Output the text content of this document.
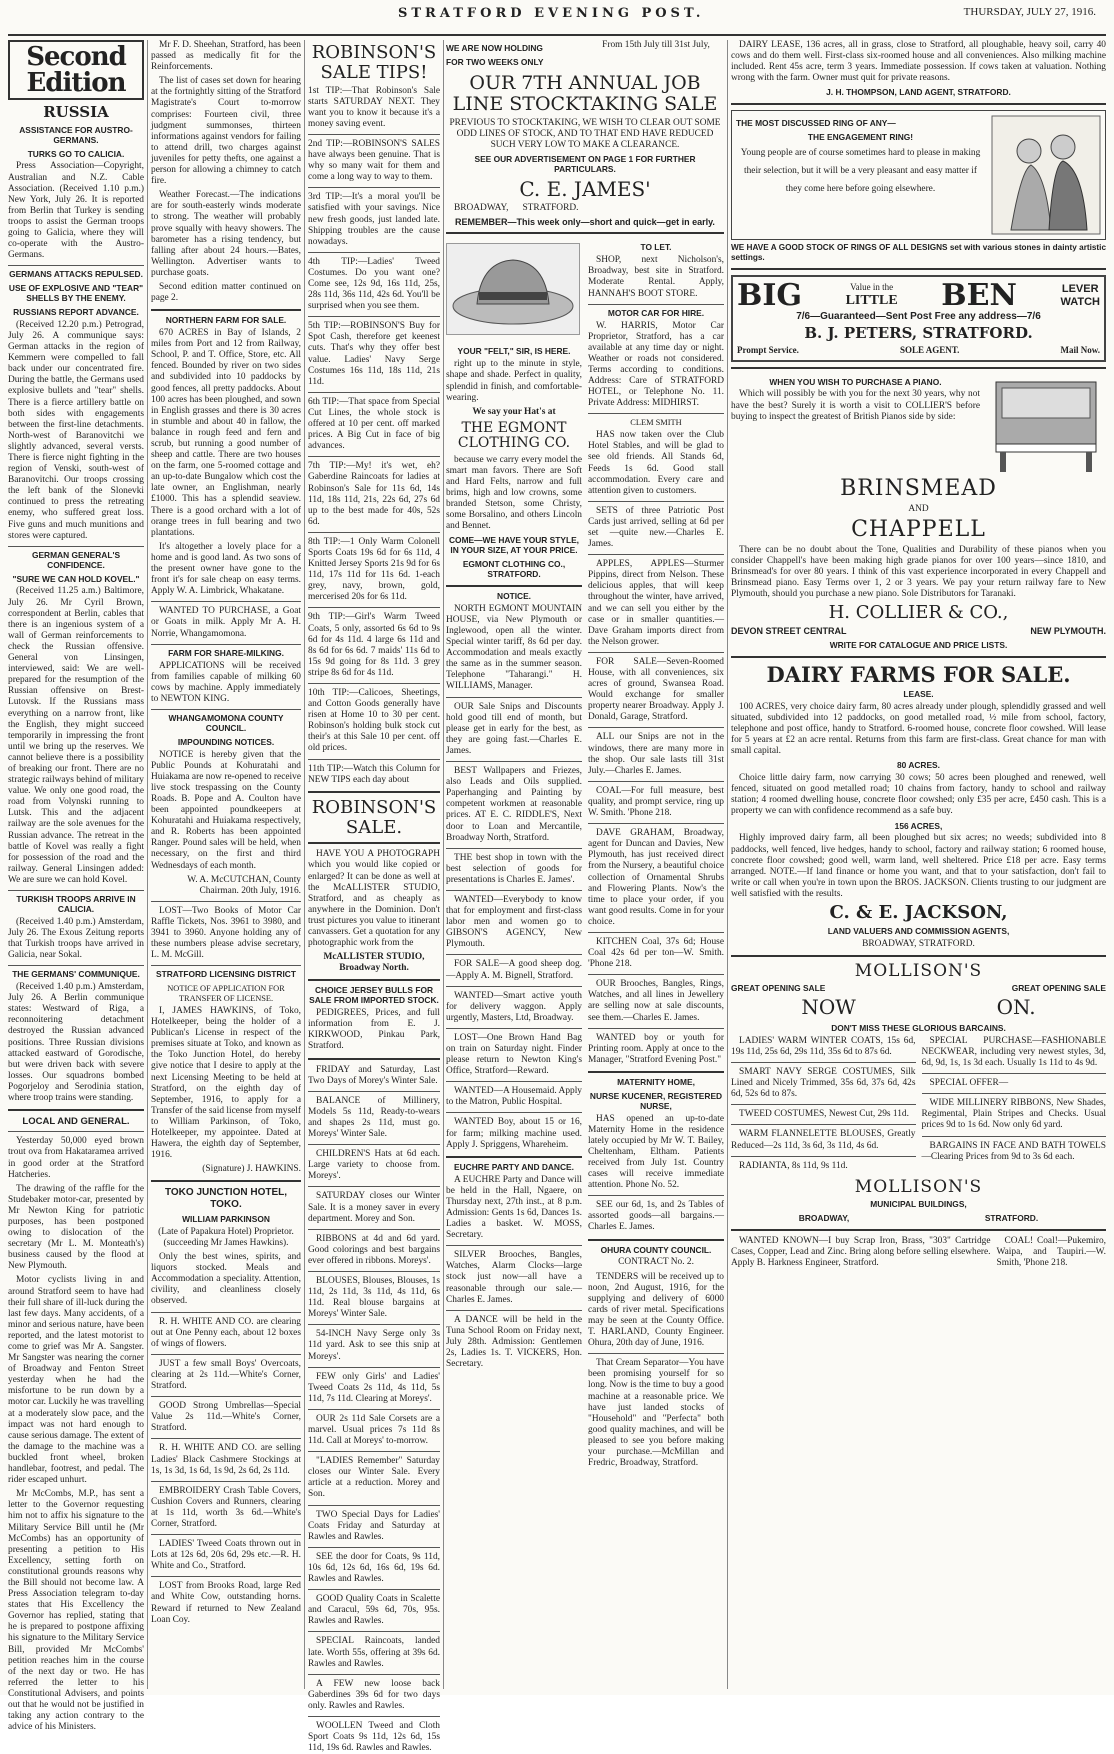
STRATFORD EVENING POST.	THURSDAY, JULY 27, 1916.
Second Edition
RUSSIA
ASSISTANCE FOR AUSTRO-GERMANS.
TURKS GO TO CALICIA.

Press Association—Copyright, Australian and N.Z. Cable Association. (Received 1.10 p.m.) New York, July 26. It is reported from Berlin that Turkey is sending troops to assist the German troops going to Galicia, where they will co-operate with the Austro-Germans.

GERMANS ATTACKS REPULSED.
USE OF EXPLOSIVE AND "TEAR" SHELLS BY THE ENEMY.
RUSSIANS REPORT ADVANCE.

(Received 12.20 p.m.) Petrograd, July 26. A communique says: German attacks in the region of Kemmern were compelled to fall back under our concentrated fire. During the battle, the Germans used explosive bullets and "tear" shells. There is a fierce artillery battle on both sides with engagements between the first-line detachments. North-west of Baranovitchi we slightly advanced, several versts. There is fierce night fighting in the region of Venski, south-west of Baranovitchi. Our troops crossing the left bank of the Slonevki continued to press the retreating enemy, who suffered great loss. Five guns and much munitions and stores were captured.

GERMAN GENERAL'S CONFIDENCE.
"SURE WE CAN HOLD KOVEL."

(Received 11.25 a.m.) Baltimore, July 26. Mr Cyril Brown, correspondent at Berlin, cables that there is an ingenious system of a wall of German reinforcements to check the Russian offensive. General von Linsingen, interviewed, said: We are well-prepared for the resumption of the Russian offensive on Brest-Lutovsk. If the Russians mass everything on a narrow front, like the English, they might succeed temporarily in impressing the front until we bring up the reserves. We cannot believe there is a possibility of breaking our front. There are no strategic railways behind of military value. We only one good road, the road from Volynski running to Lutsk. This and the adjacent railway are the sole avenues for the Russian advance. The retreat in the battle of Kovel was really a fight for possession of the road and the railway. General Linsingen added: We are sure we can hold Kovel.

TURKISH TROOPS ARRIVE IN CALICIA.

(Received 1.40 p.m.) Amsterdam, July 26. The Exous Zeitung reports that Turkish troops have arrived in Galicia, near Sokal.

THE GERMANS' COMMUNIQUE.

(Received 1.40 p.m.) Amsterdam, July 26. A Berlin communique states: Westward of Riga, a reconnoitering detachment destroyed the Russian advanced positions. Three Russian divisions attacked eastward of Gorodische, but were driven back with severe losses. Our squadrons bombed Pogorjeloy and Serodinia station, where troop trains were standing.

LOCAL AND GENERAL.

Yesterday 50,000 eyed brown trout ova from Hakataramea arrived in good order at the Stratford Hatcheries.

The drawing of the raffle for the Studebaker motor-car, presented by Mr Newton King for patriotic purposes, has been postponed owing to dislocation of the secretary (Mr L. M. Monteath's) business caused by the flood at New Plymouth.

Motor cyclists living in and around Stratford seem to have had their full share of ill-luck during the last few days. Many accidents, of a minor and serious nature, have been reported, and the latest motorist to come to grief was Mr A. Sangster. Mr Sangster was nearing the corner of Broadway and Fenton Street yesterday when he had the misfortune to be run down by a motor car. Luckily he was travelling at a moderately slow pace, and the impact was not hard enough to cause serious damage. The extent of the damage to the machine was a buckled front wheel, broken handlebar, footrest, and pedal. The rider escaped unhurt.

Mr McCombs, M.P., has sent a letter to the Governor requesting him not to affix his signature to the Military Service Bill until he (Mr McCombs) has an opportunity of presenting a petition to His Excellency, setting forth on constitutional grounds reasons why the Bill should not become law. A Press Association telegram to-day states that His Excellency the Governor has replied, stating that he is prepared to postpone affixing his signature to the Military Service Bill, provided Mr McCombs' petition reaches him in the course of the next day or two. He has referred the letter to his Constitutional Advisers, and points out that he would not be justified in taking any action contrary to the advice of his Ministers.

Mr F. D. Sheehan, Stratford, has been passed as medically fit for the Reinforcements.

The list of cases set down for hearing at the fortnightly sitting of the Stratford Magistrate's Court to-morrow comprises: Fourteen civil, three judgment summonses, thirteen informations against vendors for failing to attend drill, two charges against juveniles for petty thefts, one against a person for allowing a chimney to catch fire.

Weather Forecast.—The indications are for south-easterly winds moderate to strong. The weather will probably prove squally with heavy showers. The barometer has a rising tendency, but falling after about 24 hours.—Bates, Wellington. Advertiser wants to purchase goats.

Second edition matter continued on page 2.

NORTHERN FARM FOR SALE.

670 ACRES in Bay of Islands, 2 miles from Port and 12 from Railway, School, P. and T. Office, Store, etc. All fenced. Bounded by river on two sides and subdivided into 10 paddocks by good fences, all pretty paddocks. About 100 acres has been ploughed, and sown in English grasses and there is 30 acres in stumble and about 40 in fallow, the balance in rough feed and fern and scrub, but running a good number of sheep and cattle. There are two houses on the farm, one 5-roomed cottage and an up-to-date Bungalow which cost the late owner, an Englishman, nearly £1000. This has a splendid seaview. There is a good orchard with a lot of orange trees in full bearing and two plantations.

It's altogether a lovely place for a home and is good land. As two sons of the present owner have gone to the front it's for sale cheap on easy terms. Apply W. A. Limbrick, Whakatane.

WANTED TO PURCHASE, a Goat or Goats in milk. Apply Mr A. H. Norrie, Whangamomona.

FARM FOR SHARE-MILKING.

APPLICATIONS will be received from families capable of milking 60 cows by machine. Apply immediately to NEWTON KING.

WHANGAMOMONA COUNTY COUNCIL.
IMPOUNDING NOTICES.

NOTICE is hereby given that the Public Pounds at Kohuratahi and Huiakama are now re-opened to receive live stock trespassing on the County Roads. B. Pope and A. Coulton have been appointed poundkeepers at Kohuratahi and Huiakama respectively, and R. Roberts has been appointed Ranger. Pound sales will be held, when necessary, on the first and third Wednesdays of each month.

W. A. McCUTCHAN, County Chairman. 20th July, 1916.

LOST—Two Books of Motor Car Raffle Tickets, Nos. 3961 to 3980, and 3941 to 3960. Anyone holding any of these numbers please advise secretary, L. M. McGill.

STRATFORD LICENSING DISTRICT
NOTICE OF APPLICATION FOR TRANSFER OF LICENSE.

I, JAMES HAWKINS, of Toko, Hotelkeeper, being the holder of a Publican's License in respect of the premises situate at Toko, and known as the Toko Junction Hotel, do hereby give notice that I desire to apply at the next Licensing Meeting to be held at Stratford, on the eighth day of September, 1916, to apply for a Transfer of the said license from myself to William Parkinson, of Toko, Hotelkeeper, my appointee. Dated at Hawera, the eighth day of September, 1916.

(Signature) J. HAWKINS.

TOKO JUNCTION HOTEL, TOKO.
WILLIAM PARKINSON

(Late of Papakura Hotel) Proprietor. (succeeding Mr James Hawkins).

Only the best wines, spirits, and liquors stocked. Meals and Accommodation a speciality. Attention, civility, and cleanliness closely observed.

R. H. WHITE AND CO. are clearing out at One Penny each, about 12 boxes of wings of flowers.

JUST a few small Boys' Overcoats, clearing at 2s 11d.—White's Corner, Stratford.

GOOD Strong Umbrellas—Special Value 2s 11d.—White's Corner, Stratford.

R. H. WHITE AND CO. are selling Ladies' Black Cashmere Stockings at 1s, 1s 3d, 1s 6d, 1s 9d, 2s 6d, 2s 11d.

EMBROIDERY Crash Table Covers, Cushion Covers and Runners, clearing at 1s 11d, worth 3s 6d.—White's Corner, Stratford.

LADIES' Tweed Coats thrown out in Lots at 12s 6d, 20s 6d, 29s etc.—R. H. White and Co., Stratford.

LOST from Brooks Road, large Red and White Cow, outstanding horns. Reward if returned to New Zealand Loan Coy.

ROBINSON'S SALE TIPS!

1st TIP:—That Robinson's Sale starts SATURDAY NEXT. They want you to know it because it's a money saving event.

2nd TIP:—ROBINSON'S SALES have always been genuine. That is why so many wait for them and come a long way to way to them.

3rd TIP:—It's a moral you'll be satisfied with your savings. Nice new fresh goods, just landed late. Shipping troubles are the cause nowadays.

4th TIP:—Ladies' Tweed Costumes. Do you want one? Come see, 12s 9d, 16s 11d, 25s, 28s 11d, 36s 11d, 42s 6d. You'll be surprised when you see them.

5th TIP:—ROBINSON'S Buy for Spot Cash, therefore get keenest cuts. That's why they offer best value. Ladies' Navy Serge Costumes 16s 11d, 18s 11d, 21s 11d.

6th TIP:—That space from Special Cut Lines, the whole stock is offered at 10 per cent. off marked prices. A Big Cut in face of big advances.

7th TIP:—My! it's wet, eh? Gaberdine Raincoats for ladies at Robinson's Sale for 11s 6d, 14s 11d, 18s 11d, 21s, 22s 6d, 27s 6d up to the best made for 40s, 52s 6d.

8th TIP:—1 Only Warm Colonell Sports Coats 19s 6d for 6s 11d, 4 Knitted Jersey Sports 21s 9d for 6s 11d, 17s 11d for 11s 6d. 1-each grey, navy, brown, gold, mercerised 20s for 6s 11d.

9th TIP:—Girl's Warm Tweed Coats, 5 only, assorted 6s 6d to 9s 6d for 4s 11d. 4 large 6s 11d and 8s 6d for 6s 6d. 7 maids' 11s 6d to 15s 9d going for 8s 11d. 3 grey stripe 8s 6d for 4s 11d.

10th TIP:—Calicoes, Sheetings, and Cotton Goods generally have risen at Home 10 to 30 per cent. Robinson's holding bulk stock cut their's at this Sale 10 per cent. off old prices.

11th TIP:—Watch this Column for NEW TIPS each day about

ROBINSON'S SALE.

HAVE YOU A PHOTOGRAPH which you would like copied or enlarged? It can be done as well at the McALLISTER STUDIO, Stratford, and as cheaply as anywhere in the Dominion. Don't trust pictures you value to itinerant canvassers. Get a quotation for any photographic work from the

McALLISTER STUDIO, Broadway North.

CHOICE JERSEY BULLS FOR SALE FROM IMPORTED STOCK.

PEDIGREES, Prices, and full information from E. J. KIRKWOOD, Pinkau Park, Stratford.

FRIDAY and Saturday, Last Two Days of Morey's Winter Sale.

BALANCE of Millinery, Models 5s 11d, Ready-to-wears and shapes 2s 11d, must go. Moreys' Winter Sale.

CHILDREN'S Hats at 6d each. Large variety to choose from. Moreys'.

SATURDAY closes our Winter Sale. It is a money saver in every department. Morey and Son.

RIBBONS at 4d and 6d yard. Good colorings and best bargains ever offered in ribbons. Moreys'.

BLOUSES, Blouses, Blouses, 1s 11d, 2s 11d, 3s 11d, 4s 11d, 6s 11d. Real blouse bargains at Moreys' Winter Sale.

54-INCH Navy Serge only 3s 11d yard. Ask to see this snip at Moreys'.

FEW only Girls' and Ladies' Tweed Coats 2s 11d, 4s 11d, 5s 11d, 7s 11d. Clearing at Moreys'.

OUR 2s 11d Sale Corsets are a marvel. Usual prices 7s 11d 8s 11d. Call at Moreys' to-morrow.

"LADIES Remember" Saturday closes our Winter Sale. Every article at a reduction. Morey and Son.

TWO Special Days for Ladies' Coats Friday and Saturday at Rawles and Rawles.

SEE the door for Coats, 9s 11d, 10s 6d, 12s 6d, 16s 6d, 19s 6d. Rawles and Rawles.

GOOD Quality Coats in Scalette and Caracul, 59s 6d, 70s, 95s. Rawles and Rawles.

SPECIAL Raincoats, landed late. Worth 55s, offering at 39s 6d. Rawles and Rawles.

A FEW new loose back Gaberdines 39s 6d for two days only. Rawles and Rawles.

WOOLLEN Tweed and Cloth Sport Coats 9s 11d, 12s 6d, 15s 11d, 19s 6d. Rawles and Rawles.

WE ARE NOW HOLDING
FOR TWO WEEKS ONLY

From 15th July till 31st July,

OUR 7TH ANNUAL JOB LINE STOCKTAKING SALE

PREVIOUS TO STOCKTAKING, WE WISH TO CLEAR OUT SOME ODD LINES OF STOCK, AND TO THAT END HAVE REDUCED SUCH VERY LOW TO MAKE A CLEARANCE.

SEE OUR ADVERTISEMENT ON PAGE 1 FOR FURTHER PARTICULARS.
C. E. JAMES'

BROADWAY,	STRATFORD.

REMEMBER—This week only—short and quick—get in early.

YOUR "FELT," SIR, IS HERE.

right up to the minute in style, shape and shade. Perfect in quality, splendid in finish, and comfortable-wearing.

We say your Hat's at

THE EGMONT CLOTHING CO.

because we carry every model the smart man favors. There are Soft and Hard Felts, narrow and full brims, high and low crowns, some branded Stetson, some Christy, some Borsalino, and others Lincoln and Bennet.

COME—WE HAVE YOUR STYLE, IN YOUR SIZE, AT YOUR PRICE.
EGMONT CLOTHING CO., STRATFORD.
NOTICE.

NORTH EGMONT MOUNTAIN HOUSE, via New Plymouth or Inglewood, open all the winter. Special winter tariff, 8s 6d per day. Accommodation and meals exactly the same as in the summer season. Telephone "Taharangi." H. WILLIAMS, Manager.

OUR Sale Snips and Discounts hold good till end of month, but please get in early for the best, as they are going fast.—Charles E. James.

BEST Wallpapers and Friezes, also Leads and Oils supplied. Paperhanging and Painting by competent workmen at reasonable prices. AT E. C. RIDDLE'S, Next door to Loan and Mercantile, Broadway North, Stratford.

THE best shop in town with the best selection of goods for presentations is Charles E. James'.

WANTED—Everybody to know that for employment and first-class labor men and women go to GIBSON'S AGENCY, New Plymouth.

FOR SALE—A good sheep dog.—Apply A. M. Bignell, Stratford.

WANTED—Smart active youth for delivery waggon. Apply urgently, Masters, Ltd, Broadway.

LOST—One Brown Hand Bag on train on Saturday night. Finder please return to Newton King's Office, Stratford—Reward.

WANTED—A Housemaid. Apply to the Matron, Public Hospital.

WANTED Boy, about 15 or 16, for farm; milking machine used. Apply J. Spriggens, Whareheim.

EUCHRE PARTY AND DANCE.

A EUCHRE Party and Dance will be held in the Hall, Ngaere, on Thursday next, 27th inst., at 8 p.m. Admission: Gents 1s 6d, Dances 1s. Ladies a basket. W. MOSS, Secretary.

SILVER Brooches, Bangles, Watches, Alarm Clocks—large stock just now—all have a reasonable through our sale.—Charles E. James.

A DANCE will be held in the Tuna School Room on Friday next, July 28th. Admission: Gentlemen 2s, Ladies 1s. T. VICKERS, Hon. Secretary.

TO LET.

SHOP, next Nicholson's, Broadway, best site in Stratford. Moderate Rental. Apply, HANNAH'S BOOT STORE.

MOTOR CAR FOR HIRE.

W. HARRIS, Motor Car Proprietor, Stratford, has a car available at any time day or night. Weather or roads not considered. Terms according to conditions. Address: Care of STRATFORD HOTEL, or Telephone No. 11. Private Address: MIDHIRST.

CLEM SMITH

HAS now taken over the Club Hotel Stables, and will be glad to see old friends. All Stands 6d, Feeds 1s 6d. Good stall accommodation. Every care and attention given to customers.

SETS of three Patriotic Post Cards just arrived, selling at 6d per set —quite new.—Charles E. James.

APPLES, APPLES—Sturmer Pippins, direct from Nelson. These delicious apples, that will keep throughout the winter, have arrived, and we can sell you either by the case or in smaller quantities.—Dave Graham imports direct from the Nelson grower.

FOR SALE—Seven-Roomed House, with all conveniences, six acres of ground, Swansea Road. Would exchange for smaller property nearer Broadway. Apply J. Donald, Garage, Stratford.

ALL our Snips are not in the windows, there are many more in the shop. Our sale lasts till 31st July.—Charles E. James.

COAL—For full measure, best quality, and prompt service, ring up W. Smith. 'Phone 218.

DAVE GRAHAM, Broadway, agent for Duncan and Davies, New Plymouth, has just received direct from the Nursery, a beautiful choice collection of Ornamental Shrubs and Flowering Plants. Now's the time to place your order, if you want good results. Come in for your choice.

KITCHEN Coal, 37s 6d; House Coal 42s 6d per ton—W. Smith. 'Phone 218.

OUR Brooches, Bangles, Rings, Watches, and all lines in Jewellery are selling now at sale discounts, see them.—Charles E. James.

WANTED boy or youth for Printing room. Apply at once to the Manager, "Stratford Evening Post."

MATERNITY HOME,
NURSE KUCENER, REGISTERED NURSE,

HAS opened an up-to-date Maternity Home in the residence lately occupied by Mr W. T. Bailey, Cheltenham, Eltham. Patients received from July 1st. Country cases will receive immediate attention. Phone No. 52.

SEE our 6d, 1s, and 2s Tables of assorted goods—all bargains.—Charles E. James.

OHURA COUNTY COUNCIL.

CONTRACT No. 2.

TENDERS will be received up to noon, 2nd August, 1916, for the supplying and delivery of 6000 cards of river metal. Specifications may be seen at the County Office. T. HARLAND, County Engineer. Ohura, 20th day of June, 1916.

That Cream Separator—You have been promising yourself for so long. Now is the time to buy a good machine at a reasonable price. We have just landed stocks of "Household" and "Perfecta" both good quality machines, and will be pleased to see you before making your purchase.—McMillan and Fredric, Broadway, Stratford.

DAIRY LEASE, 136 acres, all in grass, close to Stratford, all ploughable, heavy soil, carry 40 cows and do them well. First-class six-roomed house and all conveniences. Also milking machine included. Rent 45s acre, term 3 years. Immediate possession. If cows taken at valuation. Nothing wrong with the farm. Owner must quit for private reasons.

J. H. THOMPSON, LAND AGENT, STRATFORD.
THE MOST DISCUSSED RING OF ANY—
THE ENGAGEMENT RING!

Young people are of course sometimes hard to please in making their selection, but it will be a very pleasant and easy matter if they come here before going elsewhere.

WE HAVE A GOOD STOCK OF RINGS OF ALL DESIGNS set with various stones in dainty artistic settings.

BIG	Value in the
LITTLE BEN	LEVER
WATCH
7/6—Guaranteed—Sent Post Free any address—7/6
B. J. PETERS, STRATFORD.
Prompt Service.	SOLE AGENT.	Mail Now.
WHEN YOU WISH TO PURCHASE A PIANO.

Which will possibly be with you for the next 30 years, why not have the best? Surely it is worth a visit to COLLIER'S before buying to inspect the greatest of British Pianos side by side:

BRINSMEAD

AND

CHAPPELL

There can be no doubt about the Tone, Qualities and Durability of these pianos when you consider Chappell's have been making high grade pianos for over 100 years—since 1810, and Brinsmead's for over 80 years. I think of this vast experience incorporated in every Chappell and Brinsmead piano. Easy Terms over 1, 2 or 3 years. We pay your return railway fare to New Plymouth, should you purchase a new piano. Sole Distributors for Taranaki.

H. COLLIER & CO.,
DEVON STREET CENTRAL	NEW PLYMOUTH.
WRITE FOR CATALOGUE AND PRICE LISTS.
DAIRY FARMS FOR SALE.
LEASE.

100 ACRES, very choice dairy farm, 80 acres already under plough, splendidly grassed and well situated, subdivided into 12 paddocks, on good metalled road, ½ mile from school, factory, telephone and post office, handy to Stratford. 6-roomed house, concrete floor cowshed. Will lease for 5 years at £2 an acre rental. Returns from this farm are first-class. Great chance for man with small capital.

80 ACRES.

Choice little dairy farm, now carrying 30 cows; 50 acres been ploughed and renewed, well fenced, situated on good metalled road; 10 chains from factory, handy to school and railway station; 4 roomed dwelling house, concrete floor cowshed; only £35 per acre, £450 cash. This is a property we can with confidence recommend as a safe buy.

156 ACRES,

Highly improved dairy farm, all been ploughed but six acres; no weeds; subdivided into 8 paddocks, well fenced, live hedges, handy to school, factory and railway station; 6 roomed house, concrete floor cowshed; good well, warm land, well sheltered. Price £18 per acre. Easy terms arranged. NOTE.—If land finance or home you want, and that to your satisfaction, don't fail to write or call when you're in town upon the BROS. JACKSON. Clients trusting to our judgment are well satisfied with the results.

C. & E. JACKSON,
LAND VALUERS AND COMMISSION AGENTS,

BROADWAY, STRATFORD.

MOLLISON'S
GREAT OPENING SALE	GREAT OPENING SALE
NOW	ON.
DON'T MISS THESE GLORIOUS BARCAINS.

LADIES' WARM WINTER COATS, 15s 6d, 19s 11d, 25s 6d, 29s 11d, 35s 6d to 87s 6d.

SMART NAVY SERGE COSTUMES, Silk Lined and Nicely Trimmed, 35s 6d, 37s 6d, 42s 6d, 52s 6d to 87s.

TWEED COSTUMES, Newest Cut, 29s 11d.

WARM FLANNELETTE BLOUSES, Greatly Reduced—2s 11d, 3s 6d, 3s 11d, 4s 6d.

RADIANTA, 8s 11d, 9s 11d.

SPECIAL PURCHASE—FASHIONABLE NECKWEAR, including very newest styles, 3d, 6d, 9d, 1s, 1s 3d each. Usually 1s 11d to 4s 9d.

SPECIAL OFFER—

WIDE MILLINERY RIBBONS, New Shades, Regimental, Plain Stripes and Checks. Usual prices 9d to 1s 6d. Now only 6d yard.

BARGAINS IN FACE AND BATH TOWELS—Clearing Prices from 9d to 3s 6d each.

MOLLISON'S
MUNICIPAL BUILDINGS,
BROADWAY,	STRATFORD.

WANTED KNOWN—I buy Scrap Iron, Brass, "303" Cartridge Cases, Copper, Lead and Zinc. Bring along before selling elsewhere. Apply B. Harkness Engineer, Stratford.

COAL! Coal!—Pukemiro, Waipa, and Taupiri.—W. Smith, 'Phone 218.
